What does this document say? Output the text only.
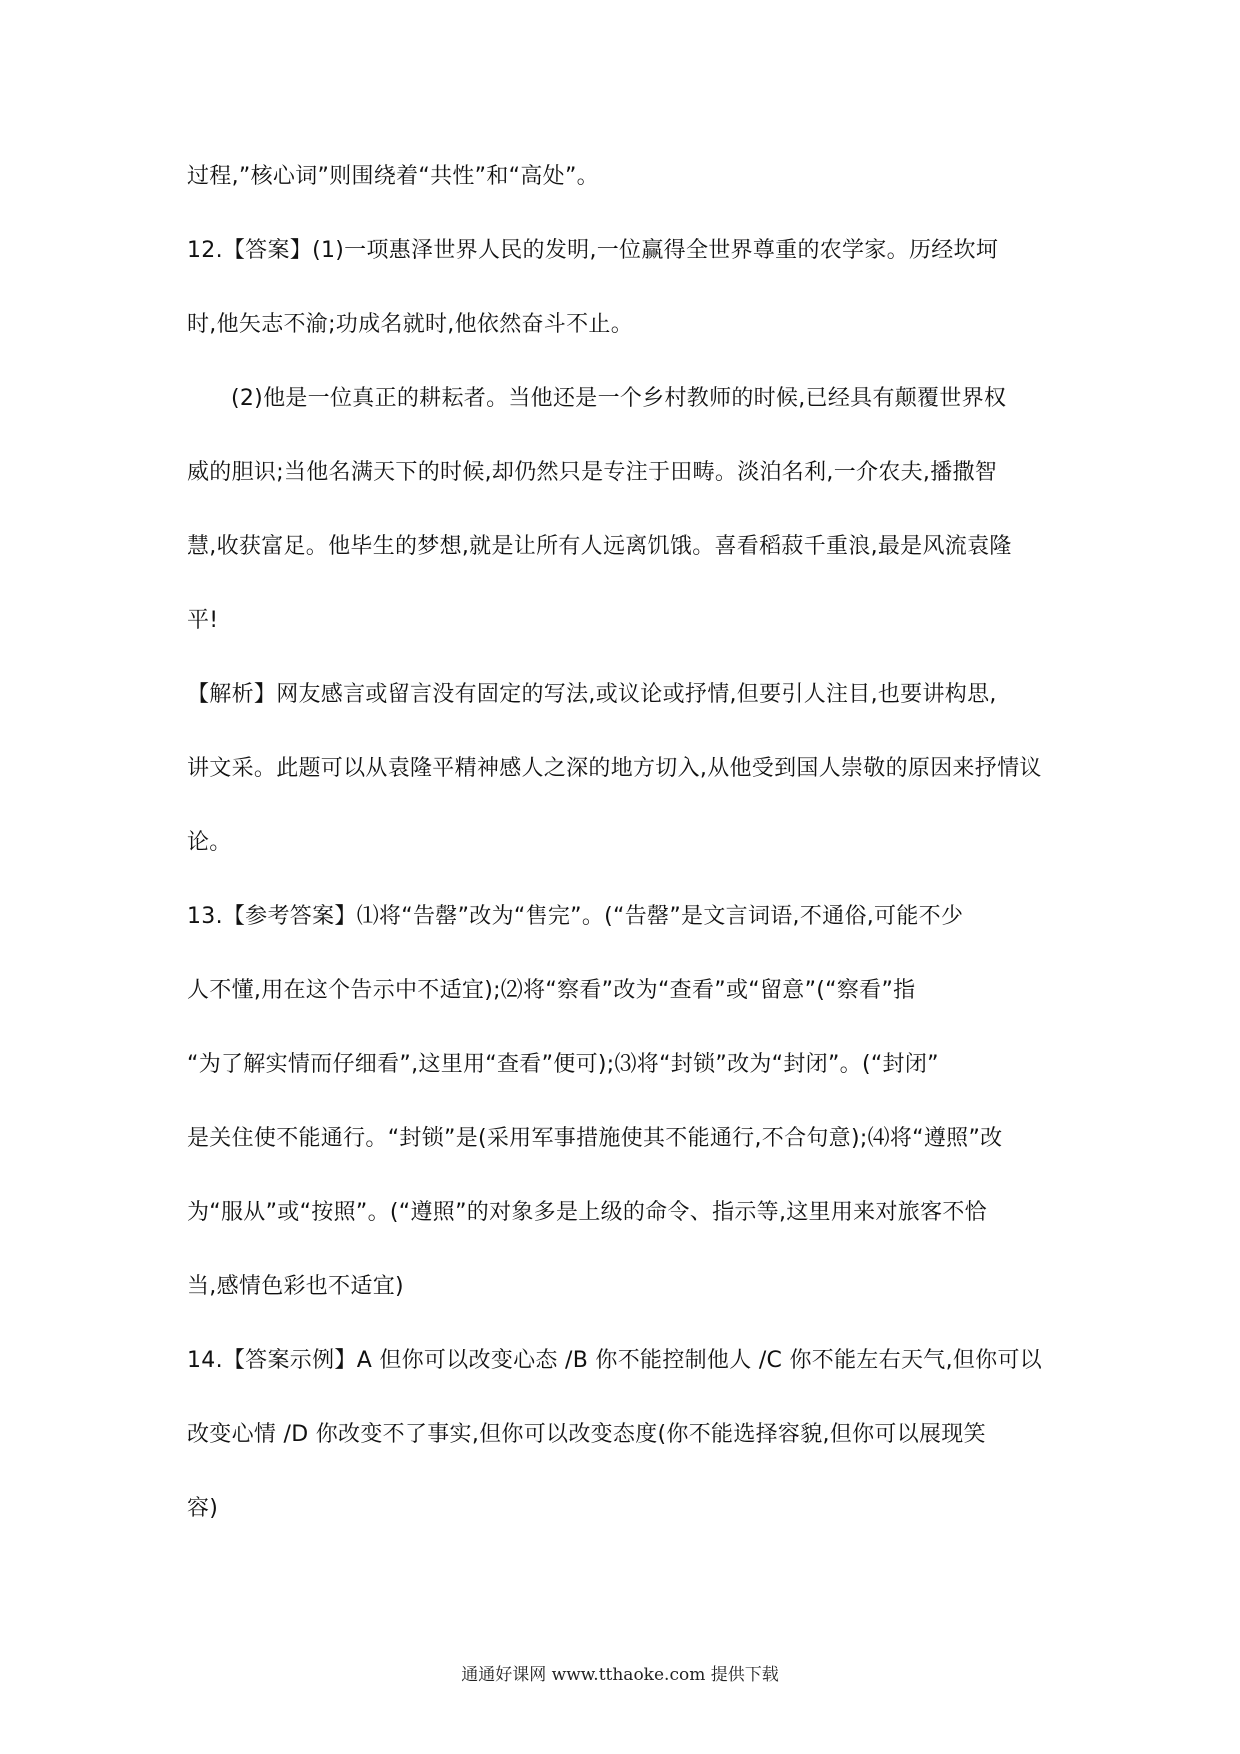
过程,”核心词”则围绕着“共性”和“高处”。
12.【答案】(1)一项惠泽世界人民的发明,一位赢得全世界尊重的农学家。历经坎坷
时,他矢志不渝;功成名就时,他依然奋斗不止。
(2)他是一位真正的耕耘者。当他还是一个乡村教师的时候,已经具有颠覆世界权
威的胆识;当他名满天下的时候,却仍然只是专注于田畴。淡泊名利,一介农夫,播撒智
慧,收获富足。他毕生的梦想,就是让所有人远离饥饿。喜看稻菽千重浪,最是风流袁隆
平!
【解析】网友感言或留言没有固定的写法,或议论或抒情,但要引人注目,也要讲构思,
讲文采。此题可以从袁隆平精神感人之深的地方切入,从他受到国人崇敬的原因来抒情议
论。
13.【参考答案】⑴将“告罄”改为“售完”。(“告罄”是文言词语,不通俗,可能不少
人不懂,用在这个告示中不适宜);⑵将“察看”改为“查看”或“留意”(“察看”指
“为了解实情而仔细看”,这里用“查看”便可);⑶将“封锁”改为“封闭”。(“封闭”
是关住使不能通行。“封锁”是(采用军事措施使其不能通行,不合句意);⑷将“遵照”改
为“服从”或“按照”。(“遵照”的对象多是上级的命令、指示等,这里用来对旅客不恰
当,感情色彩也不适宜)
14.【答案示例】A 但你可以改变心态 /B 你不能控制他人 /C 你不能左右天气,但你可以
改变心情 /D 你改变不了事实,但你可以改变态度(你不能选择容貌,但你可以展现笑
容)
通通好课网 www.tthaoke.com 提供下载
